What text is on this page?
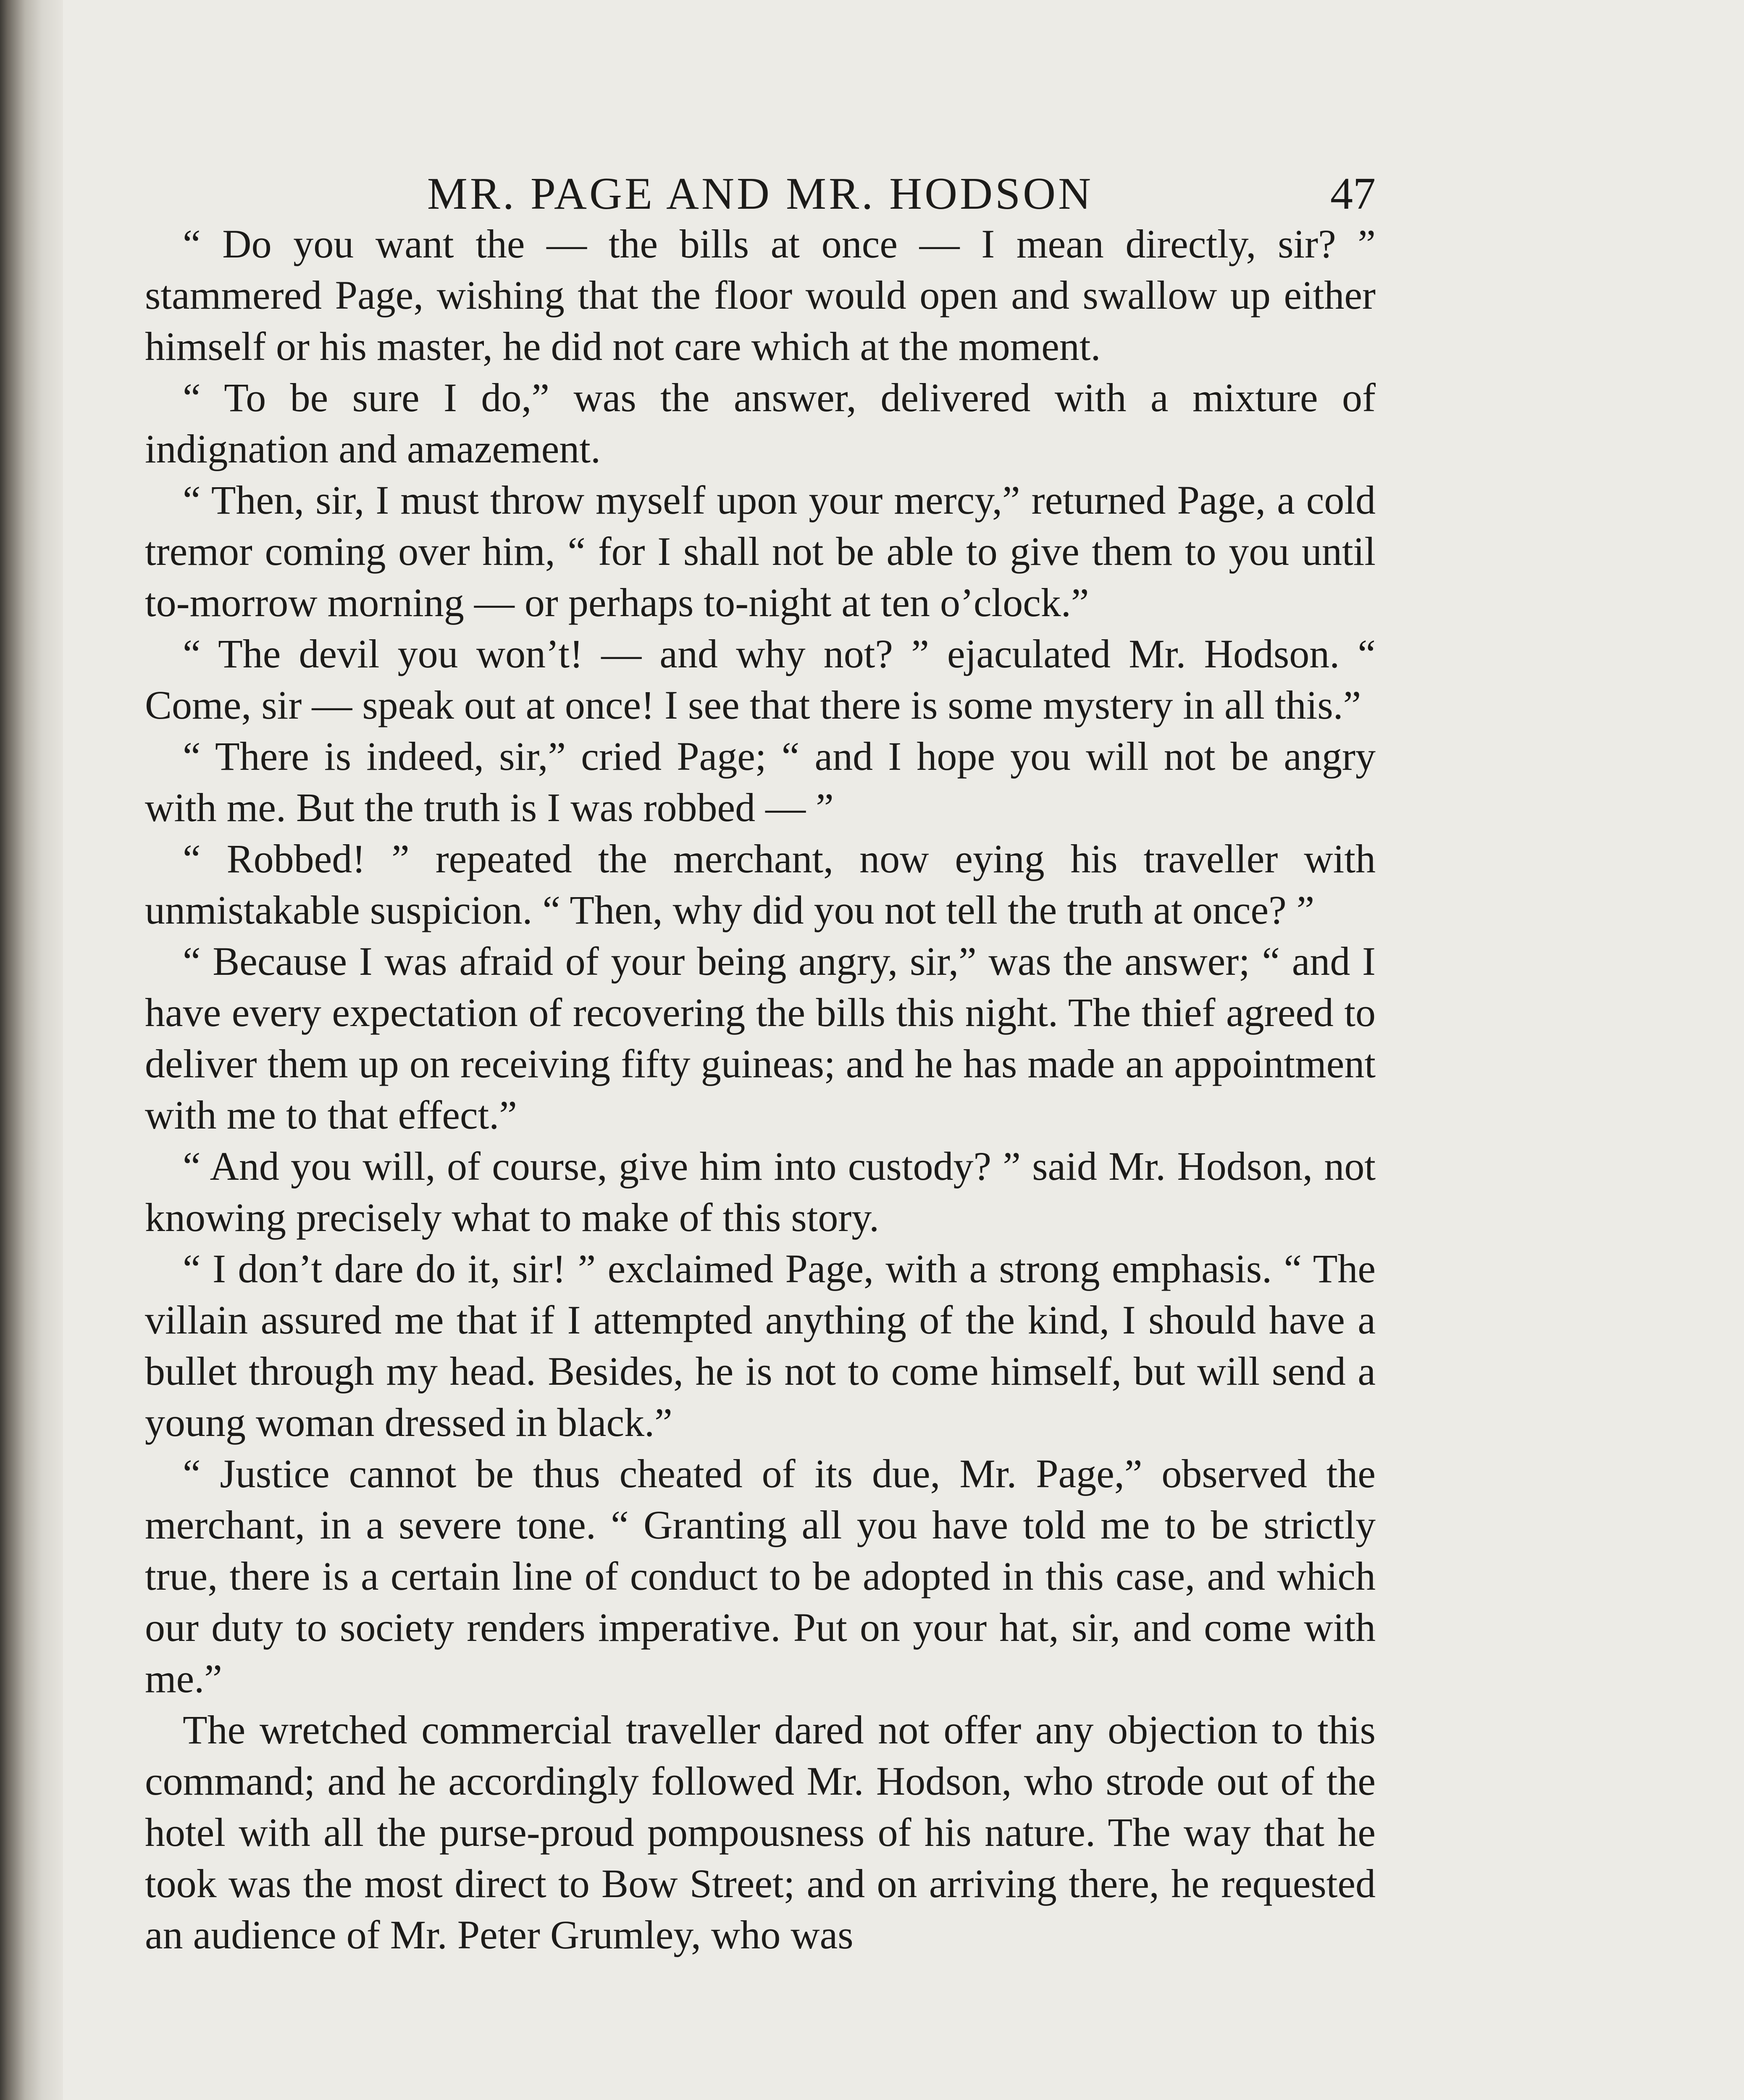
MR. PAGE AND MR. HODSON	47

“ Do you want the — the bills at once — I mean directly, sir? ” stammered Page, wishing that the floor would open and swallow up either himself or his master, he did not care which at the moment.

“ To be sure I do,” was the answer, delivered with a mixture of indignation and amazement.

“ Then, sir, I must throw myself upon your mercy,” returned Page, a cold tremor coming over him, “ for I shall not be able to give them to you until to-morrow morning — or perhaps to-night at ten o’clock.”

“ The devil you won’t! — and why not? ” ejaculated Mr. Hodson. “ Come, sir — speak out at once! I see that there is some mystery in all this.”

“ There is indeed, sir,” cried Page; “ and I hope you will not be angry with me. But the truth is I was robbed — ”

“ Robbed! ” repeated the merchant, now eying his traveller with unmistakable suspicion. “ Then, why did you not tell the truth at once? ”

“ Because I was afraid of your being angry, sir,” was the answer; “ and I have every expectation of recovering the bills this night. The thief agreed to deliver them up on receiving fifty guineas; and he has made an appointment with me to that effect.”

“ And you will, of course, give him into custody? ” said Mr. Hodson, not knowing precisely what to make of this story.

“ I don’t dare do it, sir! ” exclaimed Page, with a strong emphasis. “ The villain assured me that if I attempted anything of the kind, I should have a bullet through my head. Besides, he is not to come himself, but will send a young woman dressed in black.”

“ Justice cannot be thus cheated of its due, Mr. Page,” observed the merchant, in a severe tone. “ Granting all you have told me to be strictly true, there is a certain line of conduct to be adopted in this case, and which our duty to society renders imperative. Put on your hat, sir, and come with me.”

The wretched commercial traveller dared not offer any objection to this command; and he accordingly followed Mr. Hodson, who strode out of the hotel with all the purse-proud pompousness of his nature. The way that he took was the most direct to Bow Street; and on arriving there, he requested an audience of Mr. Peter Grumley, who was
